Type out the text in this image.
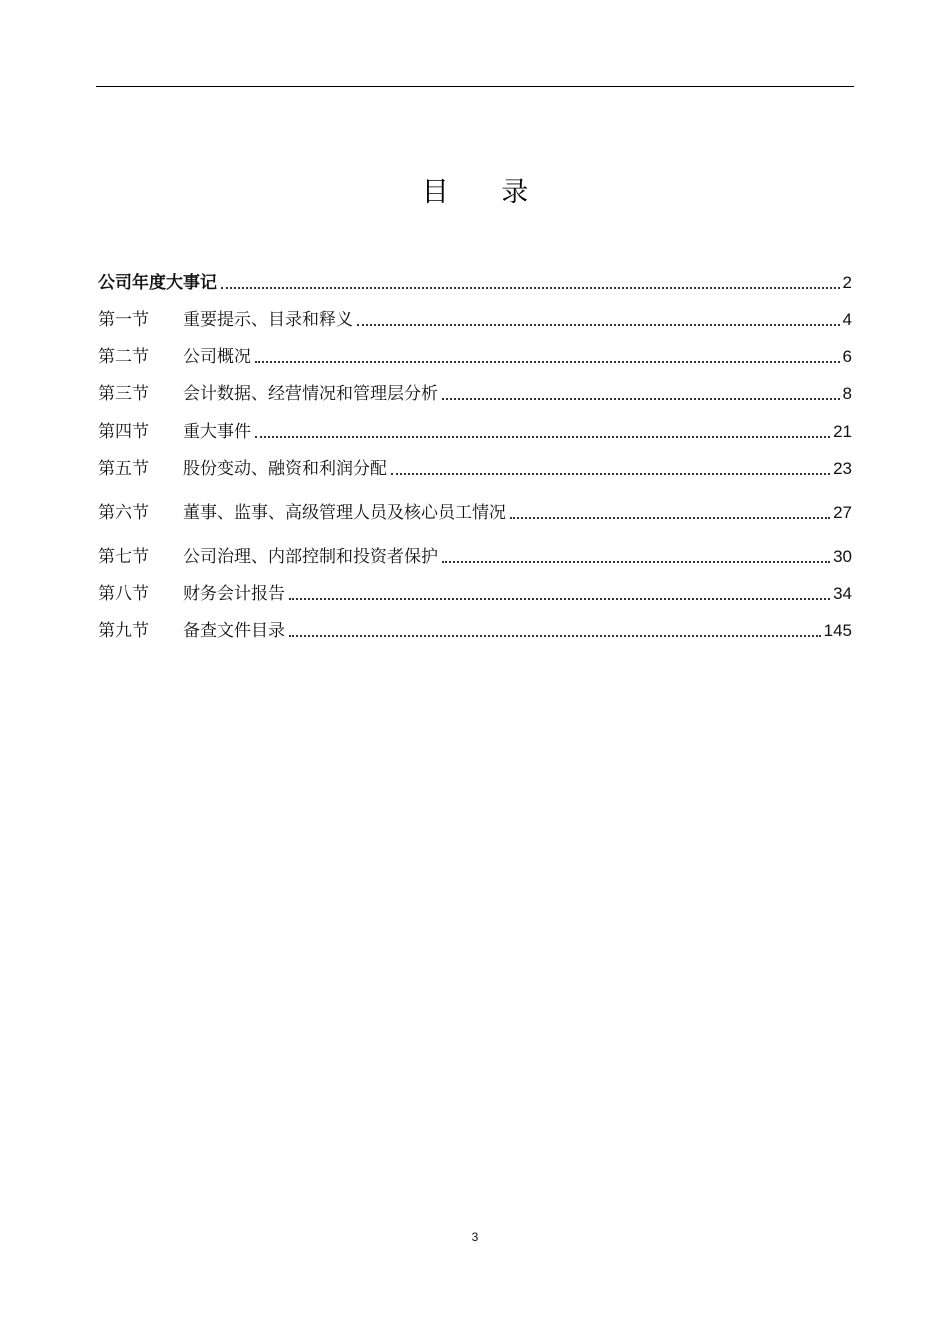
目 录
公司年度大事记	2
第一节	重要提示、目录和释义	4
第二节	公司概况	6
第三节	会计数据、经营情况和管理层分析	8
第四节	重大事件	21
第五节	股份变动、融资和利润分配	23
第六节	董事、监事、高级管理人员及核心员工情况	27
第七节	公司治理、内部控制和投资者保护	30
第八节	财务会计报告	34
第九节	备查文件目录	145
3
